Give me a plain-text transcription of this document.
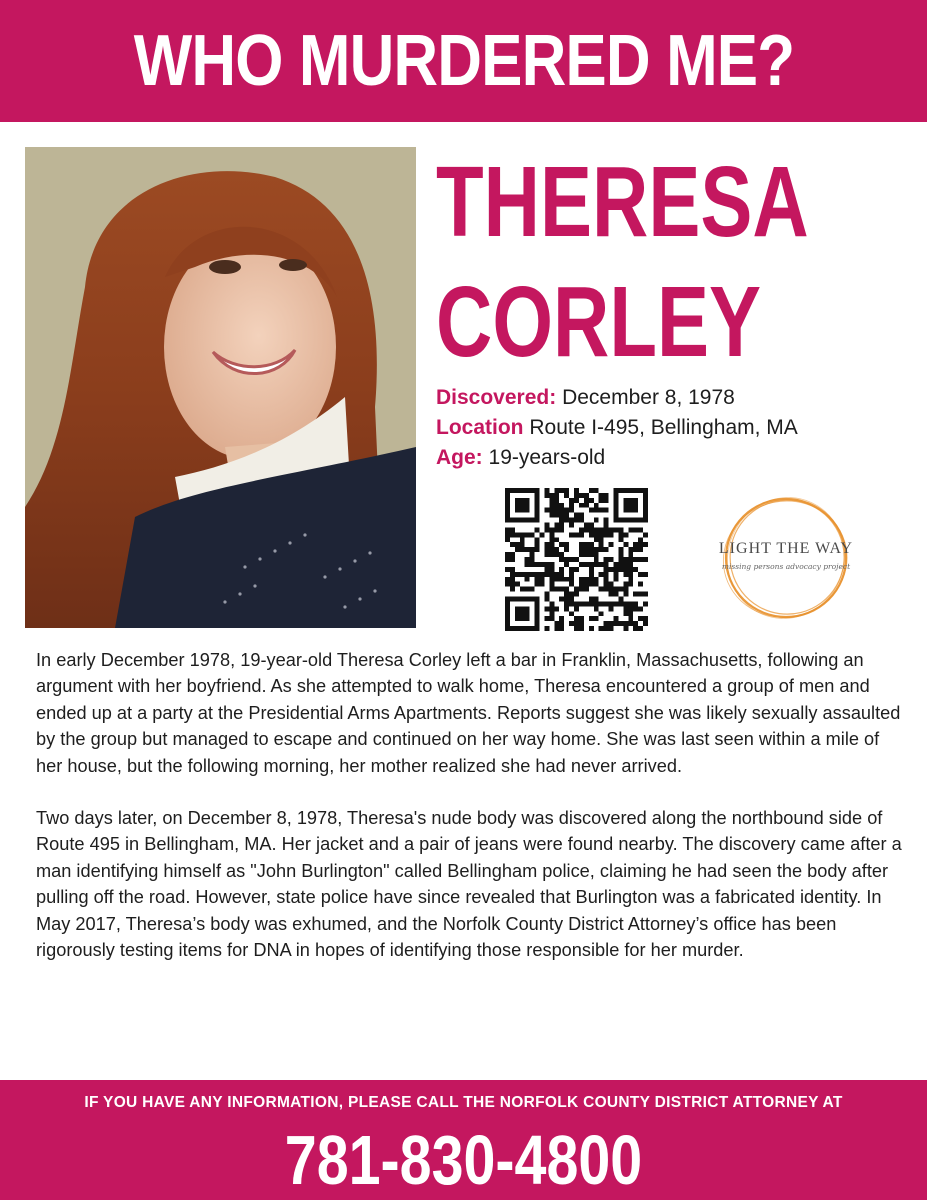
WHO MURDERED ME?
THERESA
CORLEY
Discovered: December 8, 1978
Location Route I-495, Bellingham, MA
Age: 19-years-old
LIGHT THE WAY
missing persons advocacy project

In early December 1978, 19-year-old Theresa Corley left a bar in Franklin, Massachusetts, following an argument with her boyfriend. As she attempted to walk home, Theresa encountered a group of men and ended up at a party at the Presidential Arms Apartments. Reports suggest she was likely sexually assaulted by the group but managed to escape and continued on her way home. She was last seen within a mile of her house, but the following morning, her mother realized she had never arrived.

Two days later, on December 8, 1978, Theresa's nude body was discovered along the northbound side of Route 495 in Bellingham, MA. Her jacket and a pair of jeans were found nearby. The discovery came after a man identifying himself as "John Burlington" called Bellingham police, claiming he had seen the body after pulling off the road. However, state police have since revealed that Burlington was a fabricated identity. In May 2017, Theresa’s body was exhumed, and the Norfolk County District Attorney’s office has been rigorously testing items for DNA in hopes of identifying those responsible for her murder.

IF YOU HAVE ANY INFORMATION, PLEASE CALL THE NORFOLK COUNTY DISTRICT ATTORNEY AT
781-830-4800
